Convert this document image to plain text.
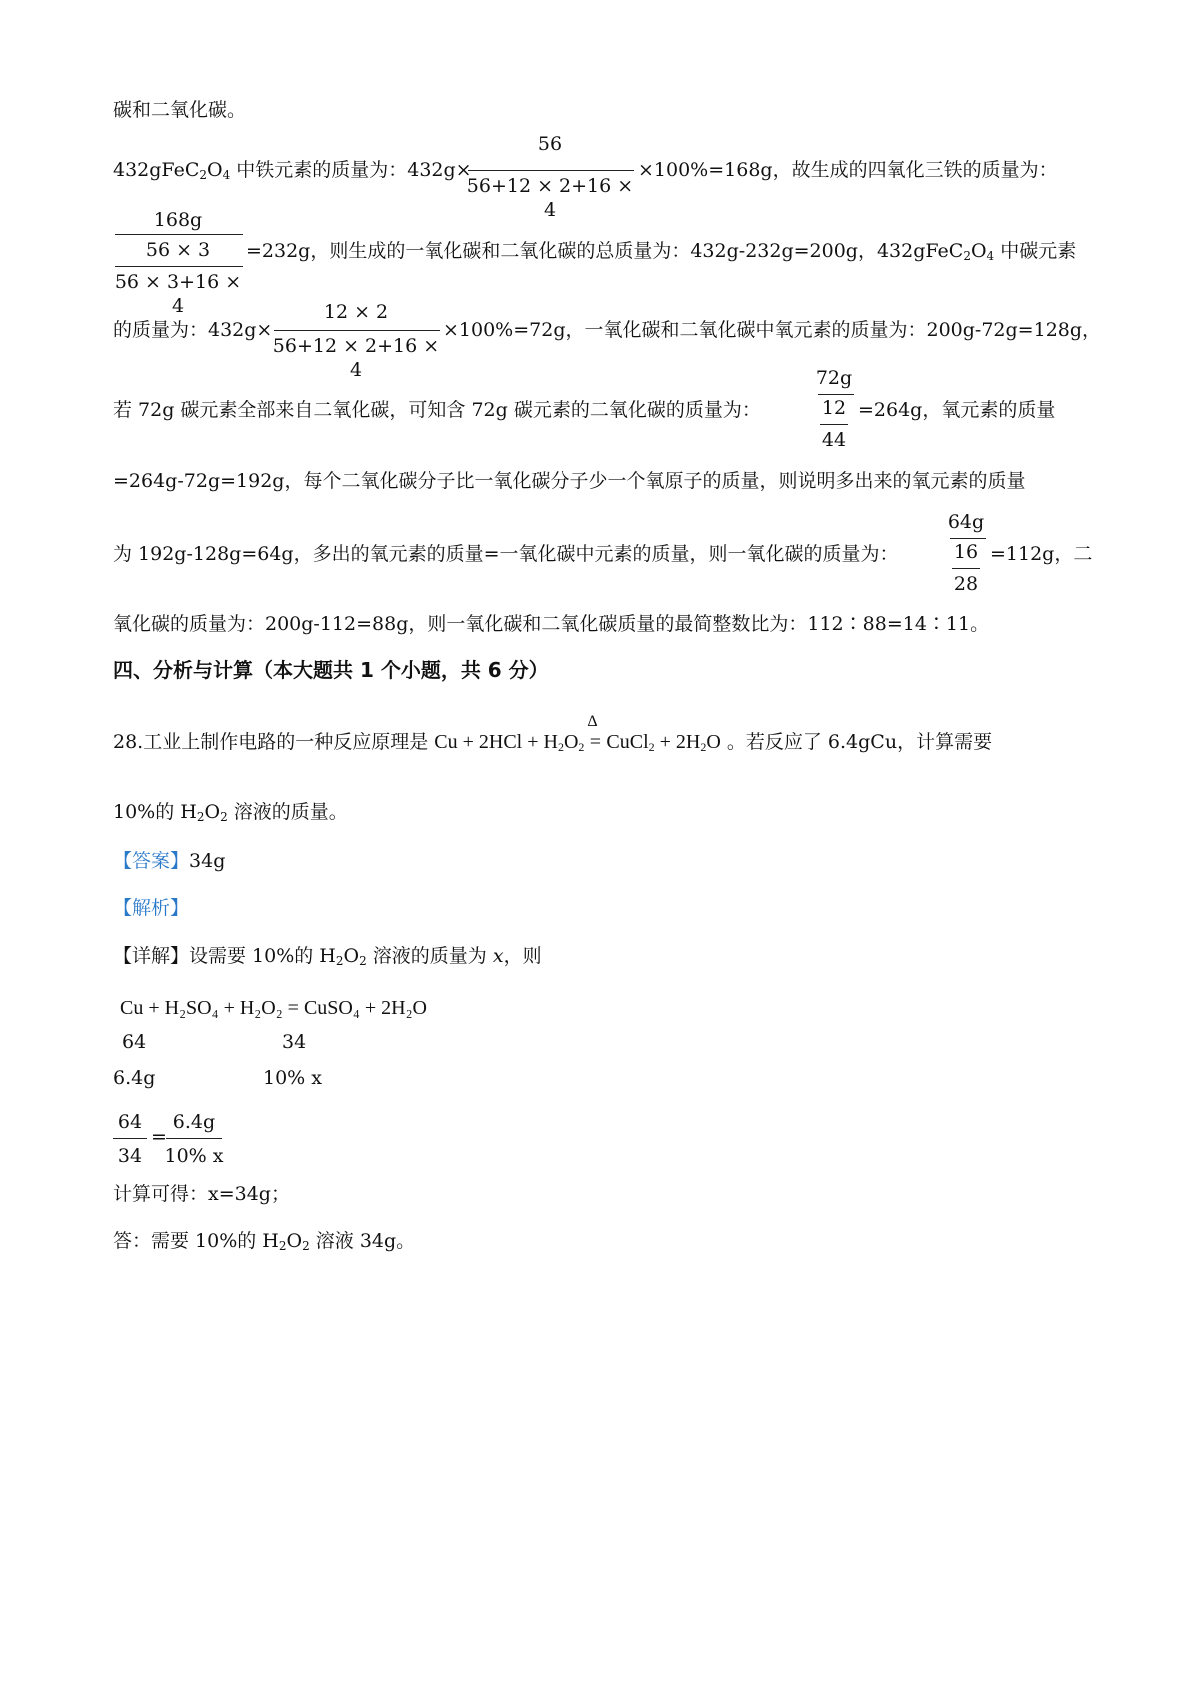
碳和二氧化碳。
$432gFeC_2O_4$ 中铁元素的质量为：432g×
56
56+12 × 2+16 × 4
×100%=168g，故生成的四氧化三铁的质量为：
168g
56 × 3
56 × 3+16 × 4
=232g，则生成的一氧化碳和二氧化碳的总质量为：432g-232g=200g，$432gFeC_2O_4$ 中碳元素
的质量为：432g×
12 × 2
56+12 × 2+16 × 4
×100%=72g，一氧化碳和二氧化碳中氧元素的质量为：200g-72g=128g，
若 72g 碳元素全部来自二氧化碳，可知含 72g 碳元素的二氧化碳的质量为：
72g
12
44
=264g，氧元素的质量
=264g-72g=192g，每个二氧化碳分子比一氧化碳分子少一个氧原子的质量，则说明多出来的氧元素的质量
为 192g-128g=64g，多出的氧元素的质量=一氧化碳中元素的质量，则一氧化碳的质量为：
64g
16
28
=112g，二
氧化碳的质量为：200g-112=88g，则一氧化碳和二氧化碳质量的最简整数比为：112∶88=14∶11。
四、分析与计算（本大题共 1 个小题，共 6 分）
28.工业上制作电路的一种反应原理是 $Cu + 2HCl + H_2O_2$
Δ
= CuCl$_2$ + $2H_2O$ 。若反应了 6.4gCu，计算需要
10%的 $H_2O_2$ 溶液的质量。
【答案】34g
【解析】
【详解】设需要 10%的 $H_2O_2$ 溶液的质量为 x，则
Cu + H₂SO₄ + H₂O₂ = CuSO₄ + 2H₂O
64	34
6.4g	10% x
64
34
=
6.4g
10% x
计算可得：x=34g；
答：需要 10%的 $H_2O_2$ 溶液 34g。
